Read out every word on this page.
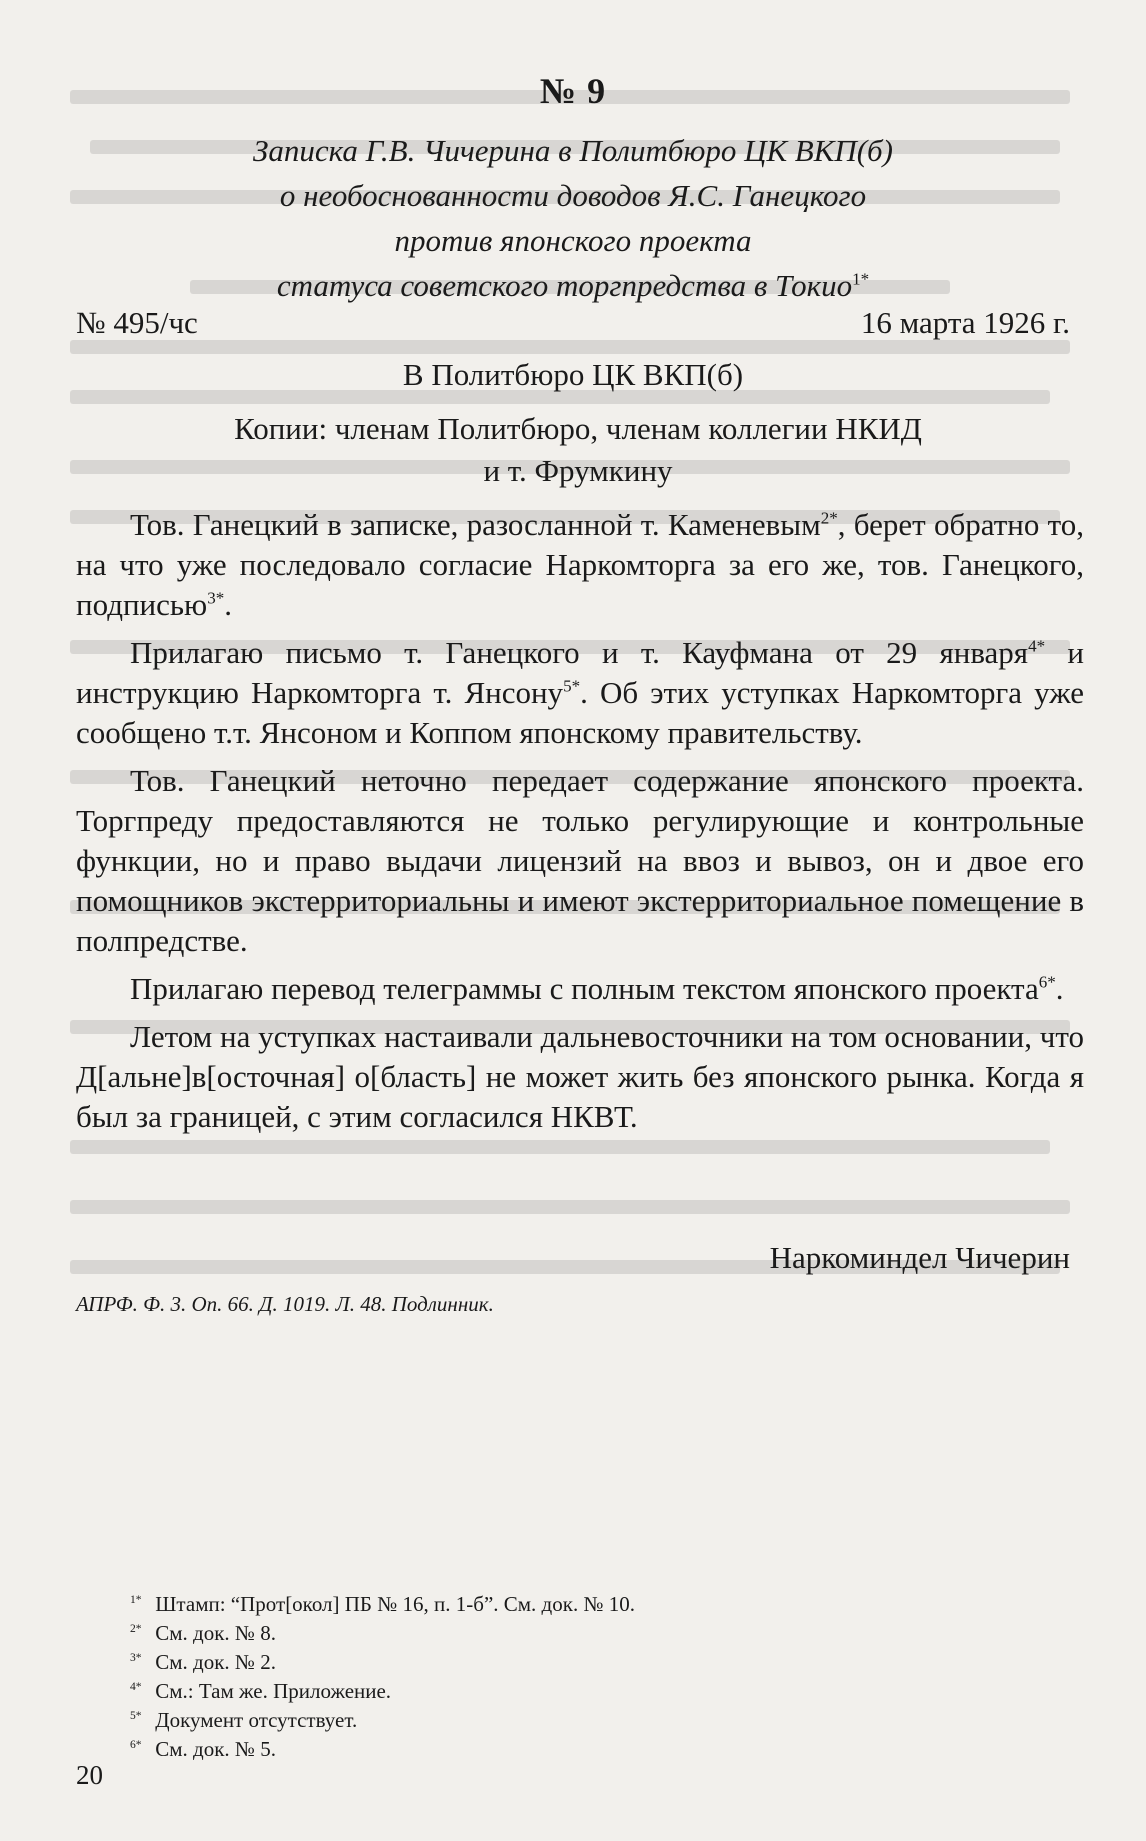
№ 9
Записка Г.В. Чичерина в Политбюро ЦК ВКП(б)
о необоснованности доводов Я.С. Ганецкого
против японского проекта
статуса советского торгпредства в Токио$^{1*}$
№ 495/чс	16 марта 1926 г.
В Политбюро ЦК ВКП(б)
Копии: членам Политбюро, членам коллегии НКИД
и т. Фрумкину

Тов. Ганецкий в записке, разосланной т. Каменевым$^{2*}$, берет обратно то, на что уже последовало согласие Наркомторга за его же, тов. Ганецкого, подписью$^{3*}$.

Прилагаю письмо т. Ганецкого и т. Кауфмана от 29 января$^{4*}$ и инструкцию Наркомторга т. Янсону$^{5*}$. Об этих уступках Наркомторга уже сообщено т.т. Янсоном и Коппом японскому правительству.

Тов. Ганецкий неточно передает содержание японского проекта. Торгпреду предоставляются не только регулирующие и контрольные функции, но и право выдачи лицензий на ввоз и вывоз, он и двое его помощников экстерриториальны и имеют экстерриториальное помещение в полпредстве.

Прилагаю перевод телеграммы с полным текстом японского проекта$^{6*}$.

Летом на уступках настаивали дальневосточники на том основании, что Д[альне]в[осточная] о[бласть] не может жить без японского рынка. Когда я был за границей, с этим согласился НКВТ.

Наркоминдел Чичерин
АПРФ. Ф. 3. Оп. 66. Д. 1019. Л. 48. Подлинник.
$^{1*}$ Штамп: “Прот[окол] ПБ № 16, п. 1-б”. См. док. № 10.
$^{2*}$ См. док. № 8.
$^{3*}$ См. док. № 2.
$^{4*}$ См.: Там же. Приложение.
$^{5*}$ Документ отсутствует.
$^{6*}$ См. док. № 5.
20
